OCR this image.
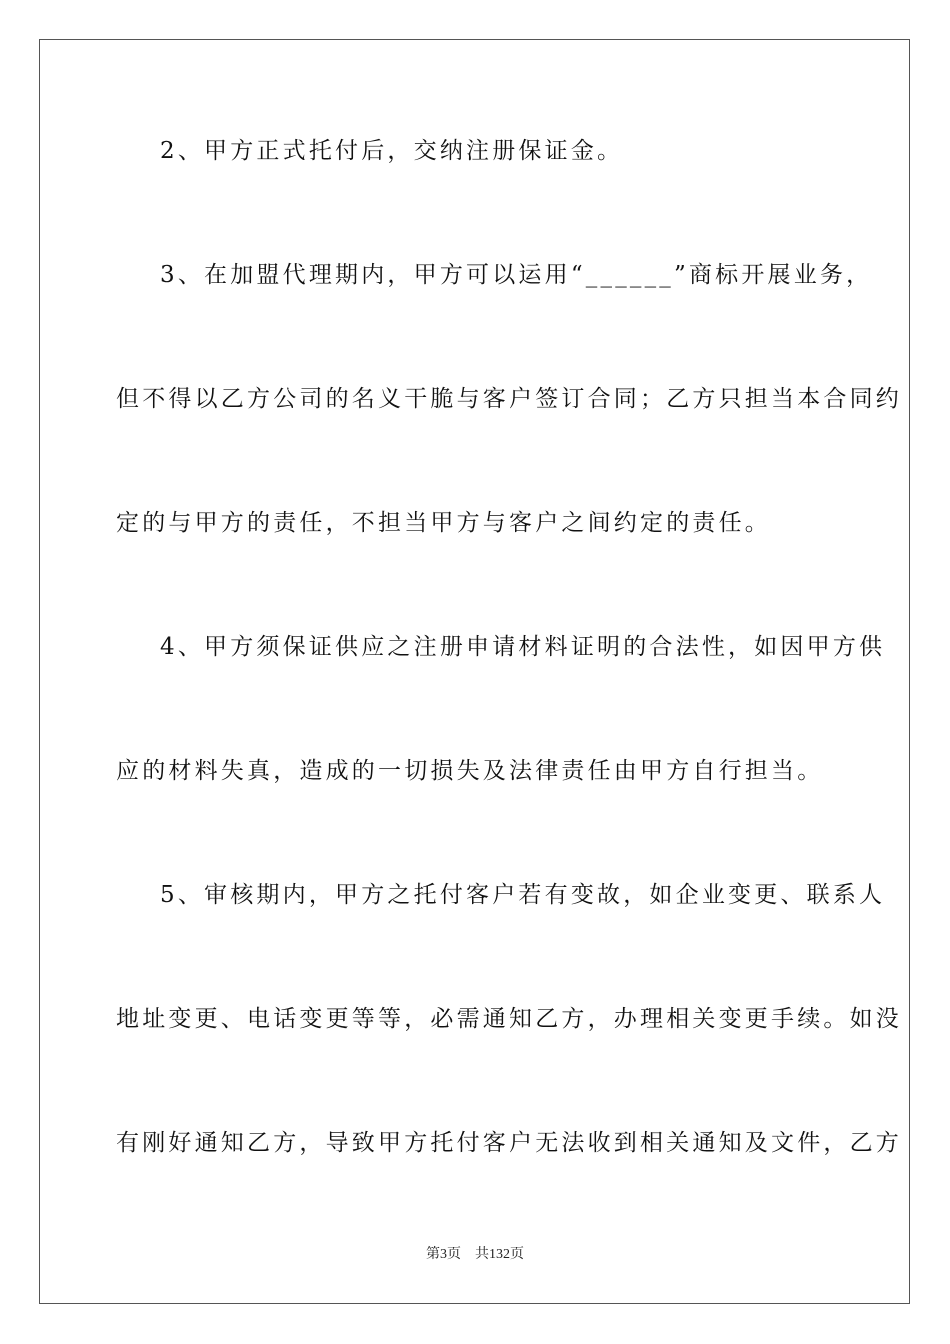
2、甲方正式托付后，交纳注册保证金。
3、在加盟代理期内，甲方可以运用“______”商标开展业务，
但不得以乙方公司的名义干脆与客户签订合同；乙方只担当本合同约
定的与甲方的责任，不担当甲方与客户之间约定的责任。
4、甲方须保证供应之注册申请材料证明的合法性，如因甲方供
应的材料失真，造成的一切损失及法律责任由甲方自行担当。
5、审核期内，甲方之托付客户若有变故，如企业变更、联系人
地址变更、电话变更等等，必需通知乙方，办理相关变更手续。如没
有刚好通知乙方，导致甲方托付客户无法收到相关通知及文件，乙方
第3页 共132页
